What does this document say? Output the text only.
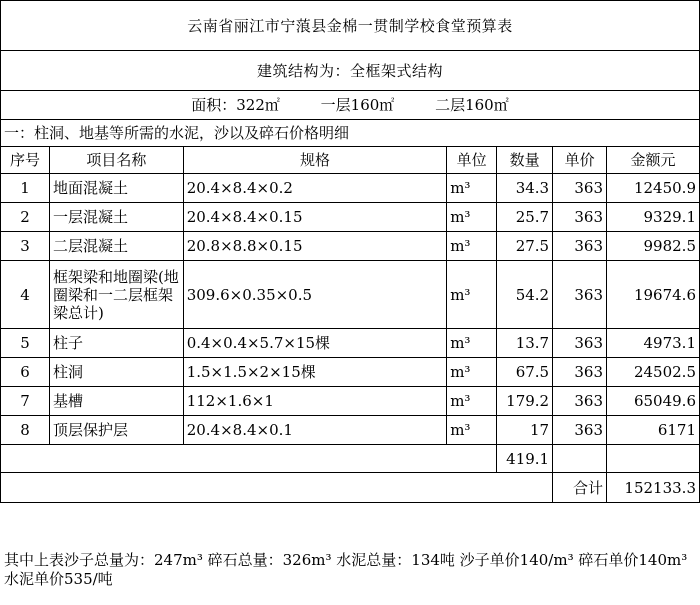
云南省丽江市宁蒗县金棉一贯制学校食堂预算表						
建筑结构为：全框架式结构						
面积：322㎡ 一层160㎡ 二层160㎡						
一：柱洞、地基等所需的水泥，沙以及碎石价格明细						
序号	项目名称	规格	单位	数量	单价	金额元
1	地面混凝土	20.4×8.4×0.2	m³	34.3	363	12450.9
2	一层混凝土	20.4×8.4×0.15	m³	25.7	363	9329.1
3	二层混凝土	20.8×8.8×0.15	m³	27.5	363	9982.5
4	框架梁和地圈梁(地圈梁和一二层框架梁总计)	309.6×0.35×0.5	m³	54.2	363	19674.6
5	柱子	0.4×0.4×5.7×15棵	m³	13.7	363	4973.1
6	柱洞	1.5×1.5×2×15棵	m³	67.5	363	24502.5
7	基槽	112×1.6×1	m³	179.2	363	65049.6
8	顶层保护层	20.4×8.4×0.1	m³	17	363	6171
				419.1		
					合计	152133.3
其中上表沙子总量为：247m³ 碎石总量：326m³ 水泥总量：134吨 沙子单价140/m³ 碎石单价140m³ 水泥单价535/吨
